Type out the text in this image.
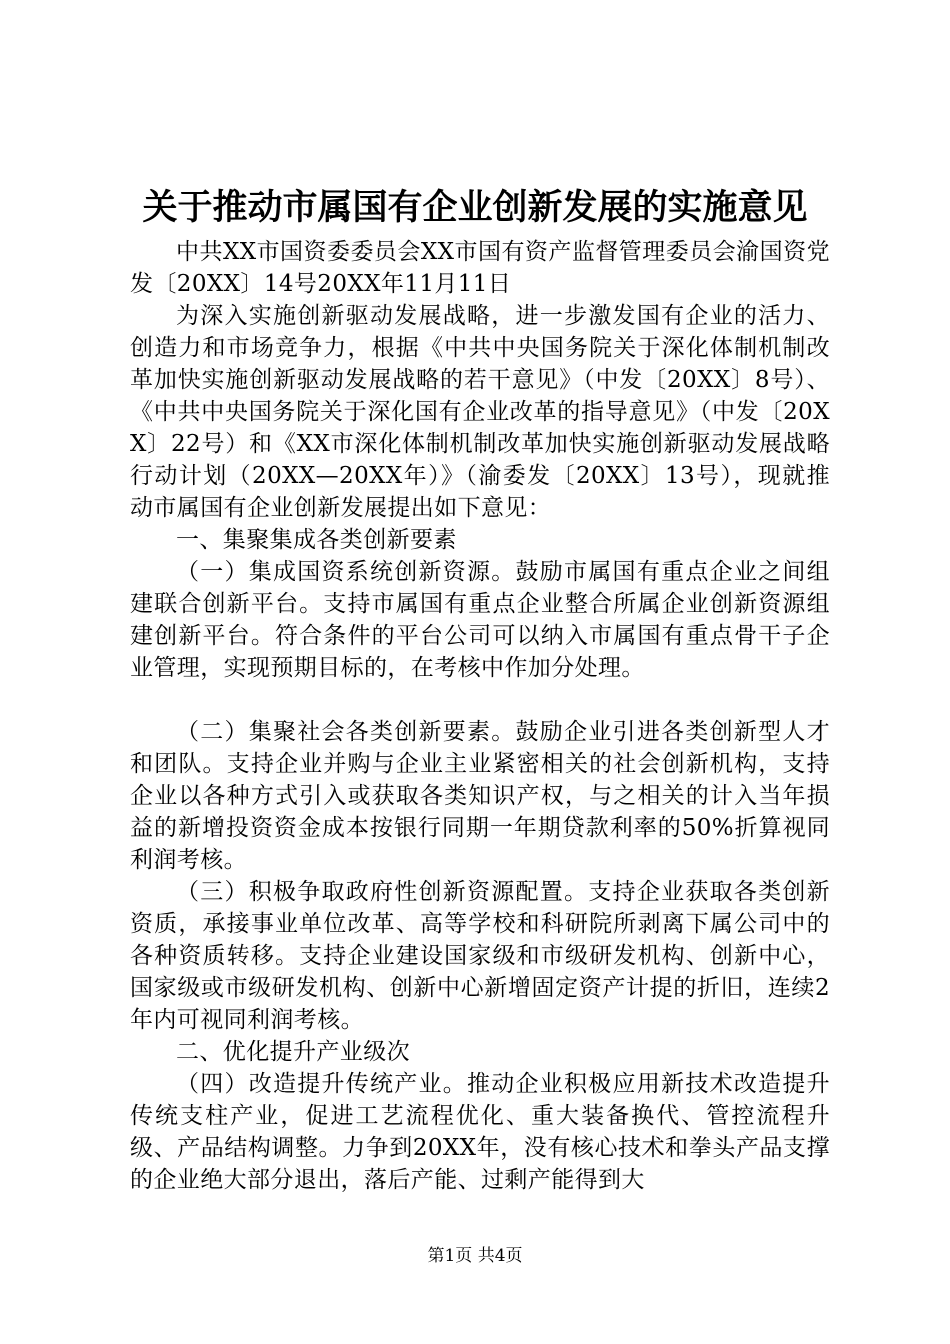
关于推动市属国有企业创新发展的实施意见

中共XX市国资委委员会XX市国有资产监督管理委员会渝国资党发〔20XX〕14号20XX年11月11日

为深入实施创新驱动发展战略，进一步激发国有企业的活力、创造力和市场竞争力，根据《中共中央国务院关于深化体制机制改革加快实施创新驱动发展战略的若干意见》（中发〔20XX〕8号）、《中共中央国务院关于深化国有企业改革的指导意见》（中发〔20XX〕22号）和《XX市深化体制机制改革加快实施创新驱动发展战略行动计划（20XX—20XX年）》（渝委发〔20XX〕13号），现就推动市属国有企业创新发展提出如下意见：

一、集聚集成各类创新要素

（一）集成国资系统创新资源。鼓励市属国有重点企业之间组建联合创新平台。支持市属国有重点企业整合所属企业创新资源组建创新平台。符合条件的平台公司可以纳入市属国有重点骨干子企业管理，实现预期目标的，在考核中作加分处理。

（二）集聚社会各类创新要素。鼓励企业引进各类创新型人才和团队。支持企业并购与企业主业紧密相关的社会创新机构，支持企业以各种方式引入或获取各类知识产权，与之相关的计入当年损益的新增投资资金成本按银行同期一年期贷款利率的50%折算视同利润考核。

（三）积极争取政府性创新资源配置。支持企业获取各类创新资质，承接事业单位改革、高等学校和科研院所剥离下属公司中的各种资质转移。支持企业建设国家级和市级研发机构、创新中心，国家级或市级研发机构、创新中心新增固定资产计提的折旧，连续2年内可视同利润考核。

二、优化提升产业级次

（四）改造提升传统产业。推动企业积极应用新技术改造提升传统支柱产业，促进工艺流程优化、重大装备换代、管控流程升级、产品结构调整。力争到20XX年，没有核心技术和拳头产品支撑的企业绝大部分退出，落后产能、过剩产能得到大

第1页 共4页
